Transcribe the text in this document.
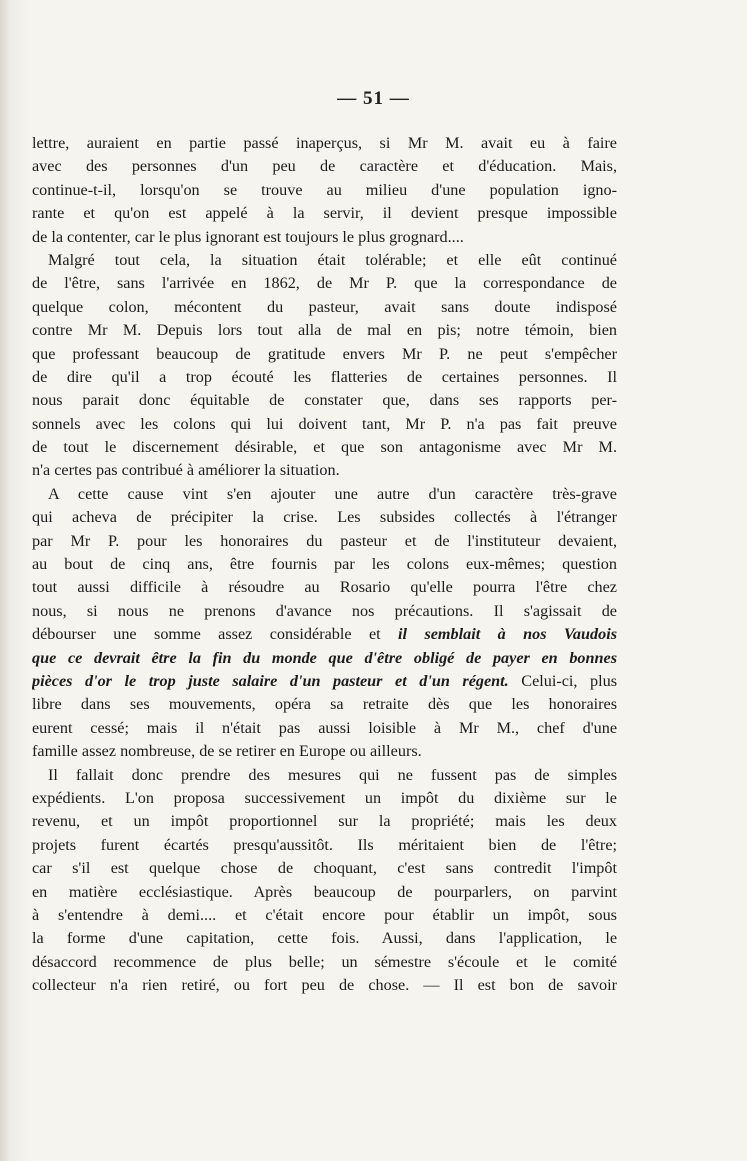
— 51 —
lettre, auraient en partie passé inaperçus, si Mr M. avait eu à faire
avec des personnes d'un peu de caractère et d'éducation. Mais,
continue-t-il, lorsqu'on se trouve au milieu d'une population igno-
rante et qu'on est appelé à la servir, il devient presque impossible
de la contenter, car le plus ignorant est toujours le plus grognard....
Malgré tout cela, la situation était tolérable; et elle eût continué
de l'être, sans l'arrivée en 1862, de Mr P. que la correspondance de
quelque colon, mécontent du pasteur, avait sans doute indisposé
contre Mr M. Depuis lors tout alla de mal en pis; notre témoin, bien
que professant beaucoup de gratitude envers Mr P. ne peut s'empêcher
de dire qu'il a trop écouté les flatteries de certaines personnes. Il
nous parait donc équitable de constater que, dans ses rapports per-
sonnels avec les colons qui lui doivent tant, Mr P. n'a pas fait preuve
de tout le discernement désirable, et que son antagonisme avec Mr M.
n'a certes pas contribué à améliorer la situation.
A cette cause vint s'en ajouter une autre d'un caractère très-grave
qui acheva de précipiter la crise. Les subsides collectés à l'étranger
par Mr P. pour les honoraires du pasteur et de l'instituteur devaient,
au bout de cinq ans, être fournis par les colons eux-mêmes; question
tout aussi difficile à résoudre au Rosario qu'elle pourra l'être chez
nous, si nous ne prenons d'avance nos précautions. Il s'agissait de
débourser une somme assez considérable et il semblait à nos Vaudois
que ce devrait être la fin du monde que d'être obligé de payer en bonnes
pièces d'or le trop juste salaire d'un pasteur et d'un régent. Celui-ci, plus
libre dans ses mouvements, opéra sa retraite dès que les honoraires
eurent cessé; mais il n'était pas aussi loisible à Mr M., chef d'une
famille assez nombreuse, de se retirer en Europe ou ailleurs.
Il fallait donc prendre des mesures qui ne fussent pas de simples
expédients. L'on proposa successivement un impôt du dixième sur le
revenu, et un impôt proportionnel sur la propriété; mais les deux
projets furent écartés presqu'aussitôt. Ils méritaient bien de l'être;
car s'il est quelque chose de choquant, c'est sans contredit l'impôt
en matière ecclésiastique. Après beaucoup de pourparlers, on parvint
à s'entendre à demi.... et c'était encore pour établir un impôt, sous
la forme d'une capitation, cette fois. Aussi, dans l'application, le
désaccord recommence de plus belle; un sémestre s'écoule et le comité
collecteur n'a rien retiré, ou fort peu de chose. — Il est bon de savoir
